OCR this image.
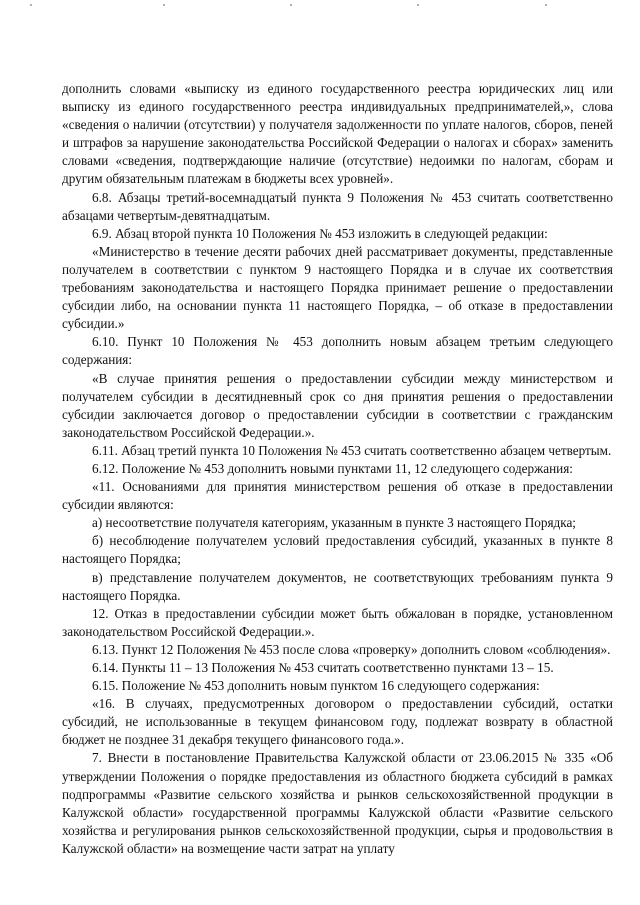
дополнить словами «выписку из единого государственного реестра юридических лиц или выписку из единого государственного реестра индивидуальных предпринимателей,», слова «сведения о наличии (отсутствии) у получателя задолженности по уплате налогов, сборов, пеней и штрафов за нарушение законодательства Российской Федерации о налогах и сборах» заменить словами «сведения, подтверждающие наличие (отсутствие) недоимки по налогам, сборам и другим обязательным платежам в бюджеты всех уровней».

6.8. Абзацы третий-восемнадцатый пункта 9 Положения № 453 считать соответственно абзацами четвертым-девятнадцатым.

6.9. Абзац второй пункта 10 Положения № 453 изложить в следующей редакции:

«Министерство в течение десяти рабочих дней рассматривает документы, представленные получателем в соответствии с пунктом 9 настоящего Порядка и в случае их соответствия требованиям законодательства и настоящего Порядка принимает решение о предоставлении субсидии либо, на основании пункта 11 настоящего Порядка, – об отказе в предоставлении субсидии.»

6.10. Пункт 10 Положения № 453 дополнить новым абзацем третьим следующего содержания:

«В случае принятия решения о предоставлении субсидии между министерством и получателем субсидии в десятидневный срок со дня принятия решения о предоставлении субсидии заключается договор о предоставлении субсидии в соответствии с гражданским законодательством Российской Федерации.».

6.11. Абзац третий пункта 10 Положения № 453 считать соответственно абзацем четвертым.

6.12. Положение № 453 дополнить новыми пунктами 11, 12 следующего содержания:

«11. Основаниями для принятия министерством решения об отказе в предоставлении субсидии являются:

а) несоответствие получателя категориям, указанным в пункте 3 настоящего Порядка;

б) несоблюдение получателем условий предоставления субсидий, указанных в пункте 8 настоящего Порядка;

в) представление получателем документов, не соответствующих требованиям пункта 9 настоящего Порядка.

12. Отказ в предоставлении субсидии может быть обжалован в порядке, установленном законодательством Российской Федерации.».

6.13. Пункт 12 Положения № 453 после слова «проверку» дополнить словом «соблюдения».

6.14. Пункты 11 – 13 Положения № 453 считать соответственно пунктами 13 – 15.

6.15. Положение № 453 дополнить новым пунктом 16 следующего содержания:

«16. В случаях, предусмотренных договором о предоставлении субсидий, остатки субсидий, не использованные в текущем финансовом году, подлежат возврату в областной бюджет не позднее 31 декабря текущего финансового года.».

7. Внести в постановление Правительства Калужской области от 23.06.2015 № 335 «Об утверждении Положения о порядке предоставления из областного бюджета субсидий в рамках подпрограммы «Развитие сельского хозяйства и рынков сельскохозяйственной продукции в Калужской области» государственной программы Калужской области «Развитие сельского хозяйства и регулирования рынков сельскохозяйственной продукции, сырья и продовольствия в Калужской области» на возмещение части затрат на уплату
